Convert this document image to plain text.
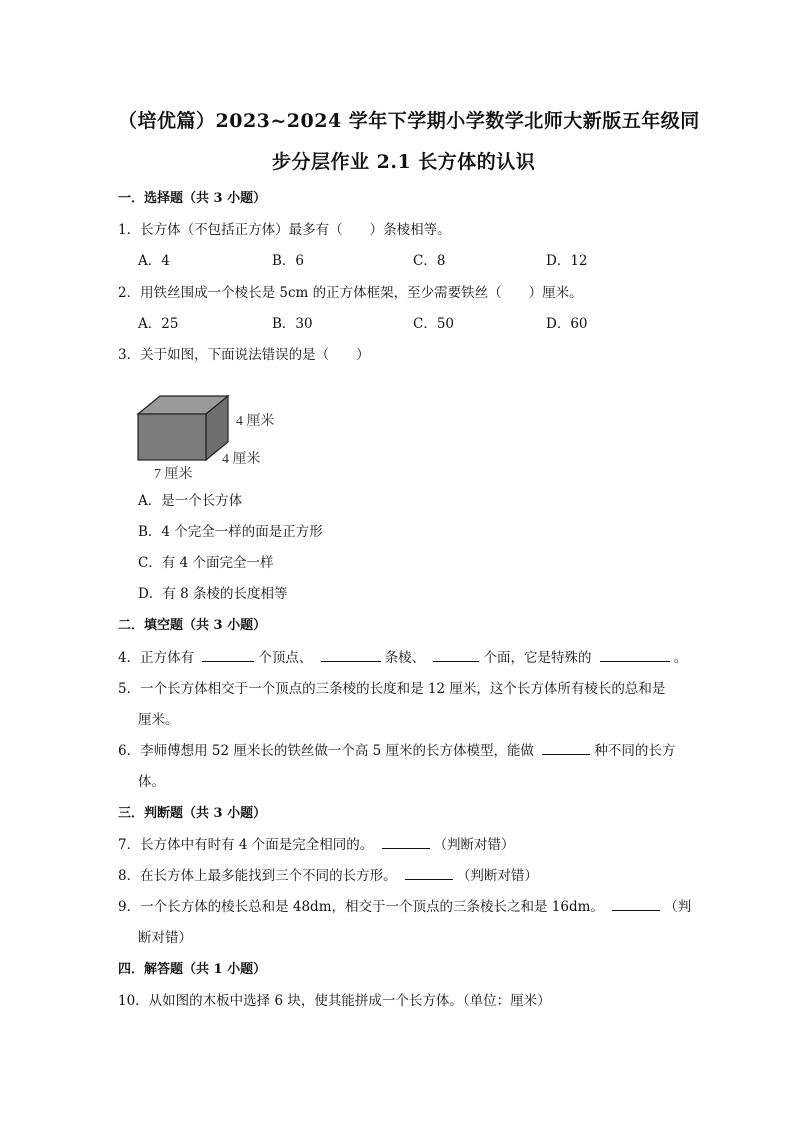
（培优篇）2023~2024 学年下学期小学数学北师大新版五年级同
步分层作业 2.1 长方体的认识
一．选择题（共 3 小题）
1．长方体（不包括正方体）最多有（　　）条棱相等。
A．4	B．6	C．8	D．12
2．用铁丝围成一个棱长是 5cm 的正方体框架，至少需要铁丝（　　）厘米。
A．25	B．30	C．50	D．60
3．关于如图，下面说法错误的是（　　）
4 厘米
4 厘米
7 厘米
A．是一个长方体
B．4 个完全一样的面是正方形
C．有 4 个面完全一样
D．有 8 条棱的长度相等
二．填空题（共 3 小题）
4．正方体有	个顶点、	条棱、	个面，它是特殊的	。
5．一个长方体相交于一个顶点的三条棱的长度和是 12 厘米，这个长方体所有棱长的总和是
厘米。
6．李师傅想用 52 厘米长的铁丝做一个高 5 厘米的长方体模型，能做	种不同的长方
体。
三．判断题（共 3 小题）
7．长方体中有时有 4 个面是完全相同的。	（判断对错）
8．在长方体上最多能找到三个不同的长方形。	（判断对错）
9．一个长方体的棱长总和是 48dm，相交于一个顶点的三条棱长之和是 16dm。	（判
断对错）
四．解答题（共 1 小题）
10．从如图的木板中选择 6 块，使其能拼成一个长方体。（单位：厘米）
